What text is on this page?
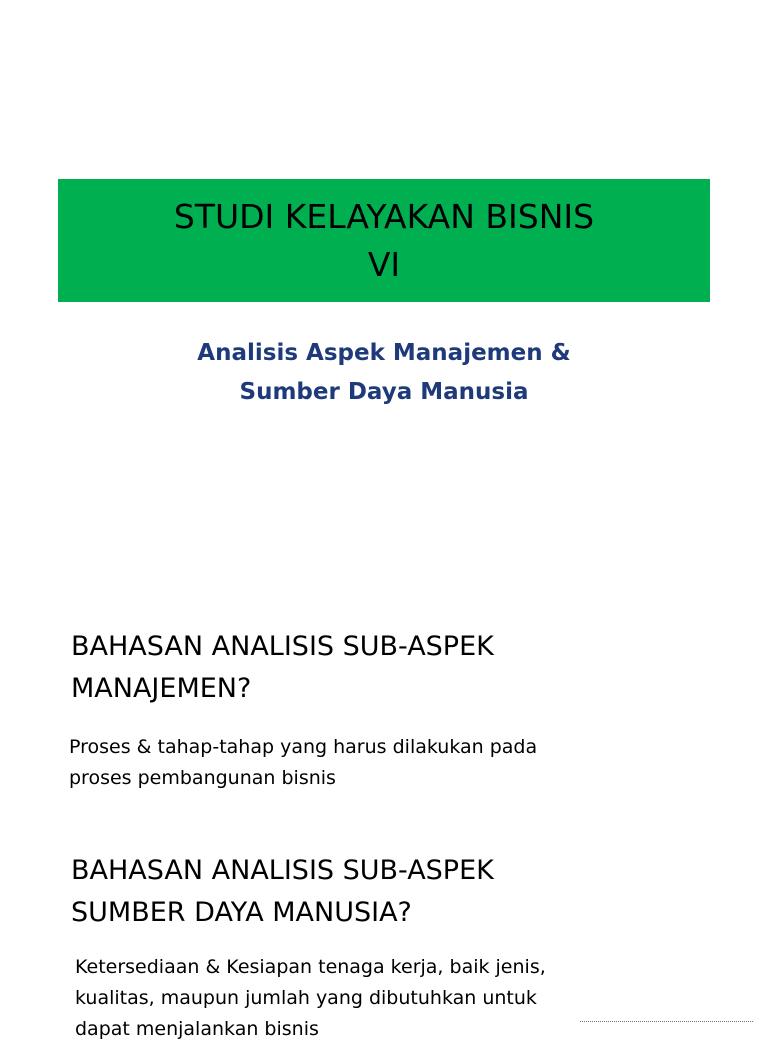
STUDI KELAYAKAN BISNIS
VI
Analisis Aspek Manajemen &
Sumber Daya Manusia
BAHASAN ANALISIS SUB-ASPEK
MANAJEMEN?
Proses & tahap-tahap yang harus dilakukan pada
proses pembangunan bisnis
BAHASAN ANALISIS SUB-ASPEK
SUMBER DAYA MANUSIA?
Ketersediaan & Kesiapan tenaga kerja, baik jenis,
kualitas, maupun jumlah yang dibutuhkan untuk
dapat menjalankan bisnis
